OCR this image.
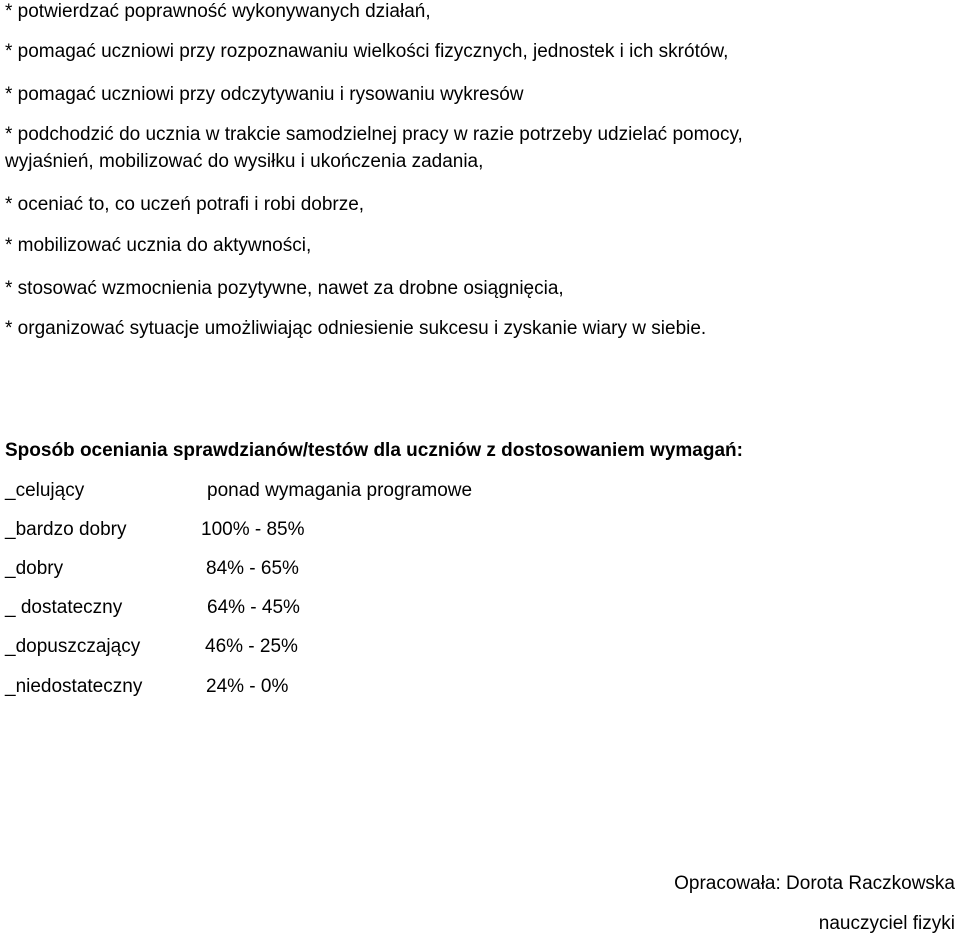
* potwierdzać poprawność wykonywanych działań,
* pomagać uczniowi przy rozpoznawaniu wielkości fizycznych, jednostek i ich skrótów,
* pomagać uczniowi przy odczytywaniu i rysowaniu wykresów
* podchodzić do ucznia w trakcie samodzielnej pracy w razie potrzeby udzielać pomocy,
wyjaśnień, mobilizować do wysiłku i ukończenia zadania,
* oceniać to, co uczeń potrafi i robi dobrze,
* mobilizować ucznia do aktywności,
* stosować wzmocnienia pozytywne, nawet za drobne osiągnięcia,
* organizować sytuacje umożliwiając odniesienie sukcesu i zyskanie wiary w siebie.
Sposób oceniania sprawdzianów/testów dla uczniów z dostosowaniem wymagań:
_celujący	ponad wymagania programowe
_bardzo dobry	100% - 85%
_dobry	84% - 65%
_ dostateczny	64% - 45%
_dopuszczający	46% - 25%
_niedostateczny	24% - 0%
Opracowała: Dorota Raczkowska
nauczyciel fizyki
